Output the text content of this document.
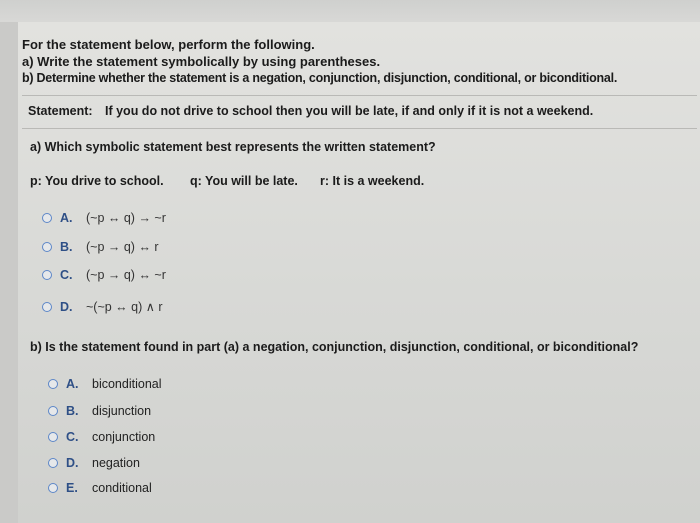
For the statement below, perform the following.
a) Write the statement symbolically by using parentheses.
b) Determine whether the statement is a negation, conjunction, disjunction, conditional, or biconditional.
Statement: If you do not drive to school then you will be late, if and only if it is not a weekend.
a) Which symbolic statement best represents the written statement?
p: You drive to school. q: You will be late. r: It is a weekend.
A.	(~p ↔ q) → ~r
B.	(~p → q) ↔ r
C.	(~p → q) ↔ ~r
D.	~(~p ↔ q) ∧ r
b) Is the statement found in part (a) a negation, conjunction, disjunction, conditional, or biconditional?
A.	biconditional
B.	disjunction
C.	conjunction
D.	negation
E.	conditional
